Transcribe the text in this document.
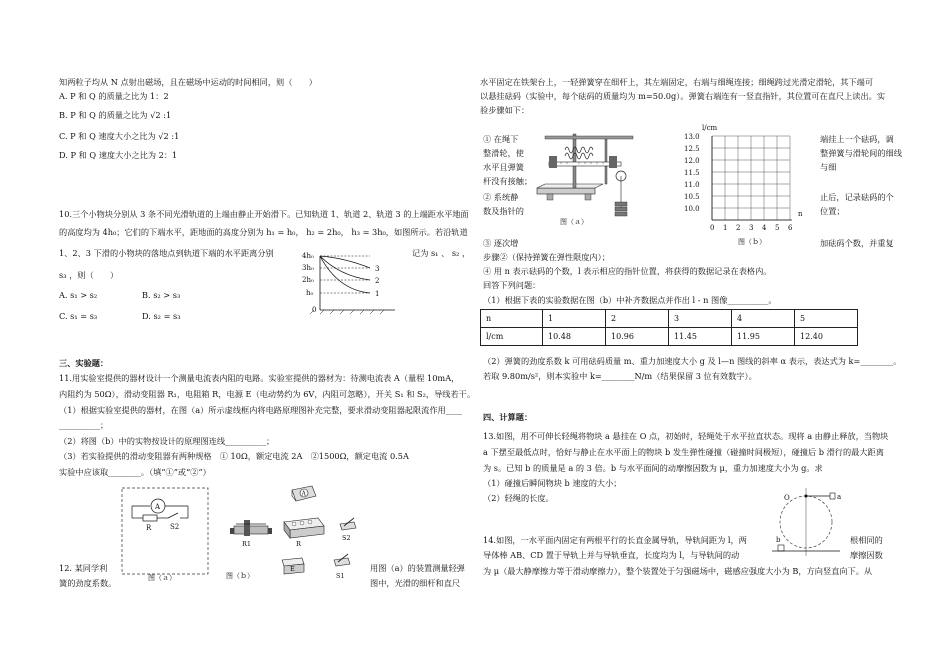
知两粒子均从 N 点射出磁场，且在磁场中运动的时间相同，则（　　）
A. P 和 Q 的质量之比为 1：2
B. P 和 Q 的质量之比为 √2 :1
C. P 和 Q 速度大小之比为 √2 :1
D. P 和 Q 速度大小之比为 2：1
10.三个小物块分别从 3 条不同光滑轨道的上端由静止开始滑下。已知轨道 1、轨道 2、轨道 3 的上端距水平地面
的高度均为 4h₀；它们的下端水平，距地面的高度分别为 h₁ = h₀， h₂ = 2h₀， h₃ = 3h₀，如图所示。若沿轨道
1、2、3 下滑的小物块的落地点到轨道下端的水平距离分别	记为 s₁ 、 s₂ ，
s₃ ，则（　　）
A. s₁ > s₂	B. s₂ > s₃
C. s₁ = s₃	D. s₂ = s₃
4h₀
3h₀
2h₀
h₀
0
3
2
1
三、实验题：
11.用实验室提供的器材设计一个测量电流表内阻的电路。实验室提供的器材为：待测电流表 A（量程 10mA，
内阻约为 50Ω），滑动变阻器 R₁，电阻箱 R，电源 E（电动势约为 6V，内阻可忽略），开关 S₁ 和 S₂，导线若干。
（1）根据实验室提供的器材，在图（a）所示虚线框内将电路原理图补充完整，要求滑动变阻器起限流作用____
__________；
（2）将图（b）中的实物按设计的原理图连线__________；
（3）若实验提供的滑动变阻器有两种规格　① 10Ω，额定电流 2A　②1500Ω，额定电流 0.5A
实验中应该取________。（填“①”或“②”）
A
R	S2
图（ａ）
A
R1	R
S2
E
S1
图（ｂ）
12. 某同学利
簧的劲度系数。
用图（a）的装置测量轻弹
图中，光滑的细杆和直尺
水平固定在铁架台上，一轻弹簧穿在细杆上，其左端固定，右端与细绳连接；细绳跨过光滑定滑轮，其下端可
以悬挂砝码（实验中，每个砝码的质量均为 m=50.0g）。弹簧右端连有一竖直指针，其位置可在直尺上读出。实
验步骤如下：
① 在绳下
整滑轮，使
水平且弹簧
杆没有接触；
② 系统静
数及指针的
端挂上一个砝码，调
整弹簧与滑轮间的细线
与细
止后，记录砝码的个
位置；
图（ａ）
l/cm
13.0
12.5
12.0
11.5
11.0
10.5
10.0
0 1 2 3 4 5 6
n
图（ｂ）
③ 逐次增	加砝码个数，并重复
步骤②（保持弹簧在弹性限度内）；
④ 用 n 表示砝码的个数，l 表示相应的指针位置，将获得的数据记录在表格内。
回答下列问题：
（1）根据下表的实验数据在图（b）中补齐数据点并作出 l - n 图像__________。
n	1	2	3	4	5
l/cm	10.48	10.96	11.45	11.95	12.40
（2）弹簧的劲度系数 k 可用砝码质量 m、重力加速度大小 g 及 l—n 图线的斜率 α 表示，表达式为 k=________。
若取 9.80m/s²，则本实验中 k=________N/m（结果保留 3 位有效数字）。
四、计算题：
13.如图，用不可伸长轻绳将物块 a 悬挂在 O 点，初始时，轻绳处于水平拉直状态。现将 a 由静止释放，当物块
a 下摆至最低点时，恰好与静止在水平面上的物块 b 发生弹性碰撞（碰撞时间极短），碰撞后 b 滑行的最大距离
为 s。已知 b 的质量是 a 的 3 倍。b 与水平面间的动摩擦因数为 μ，重力加速度大小为 g。求
（1）碰撞后瞬间物块 b 速度的大小；
（2）轻绳的长度。	O	a
b
14.如图，一水平面内固定有两根平行的长直金属导轨，导轨间距为 l，两	根相同的
导体棒 AB、CD 置于导轨上并与导轨垂直，长度均为 l，与导轨间的动	摩擦因数
为 μ（最大静摩擦力等于滑动摩擦力），整个装置处于匀强磁场中，磁感应强度大小为 B，方向竖直向下。从
